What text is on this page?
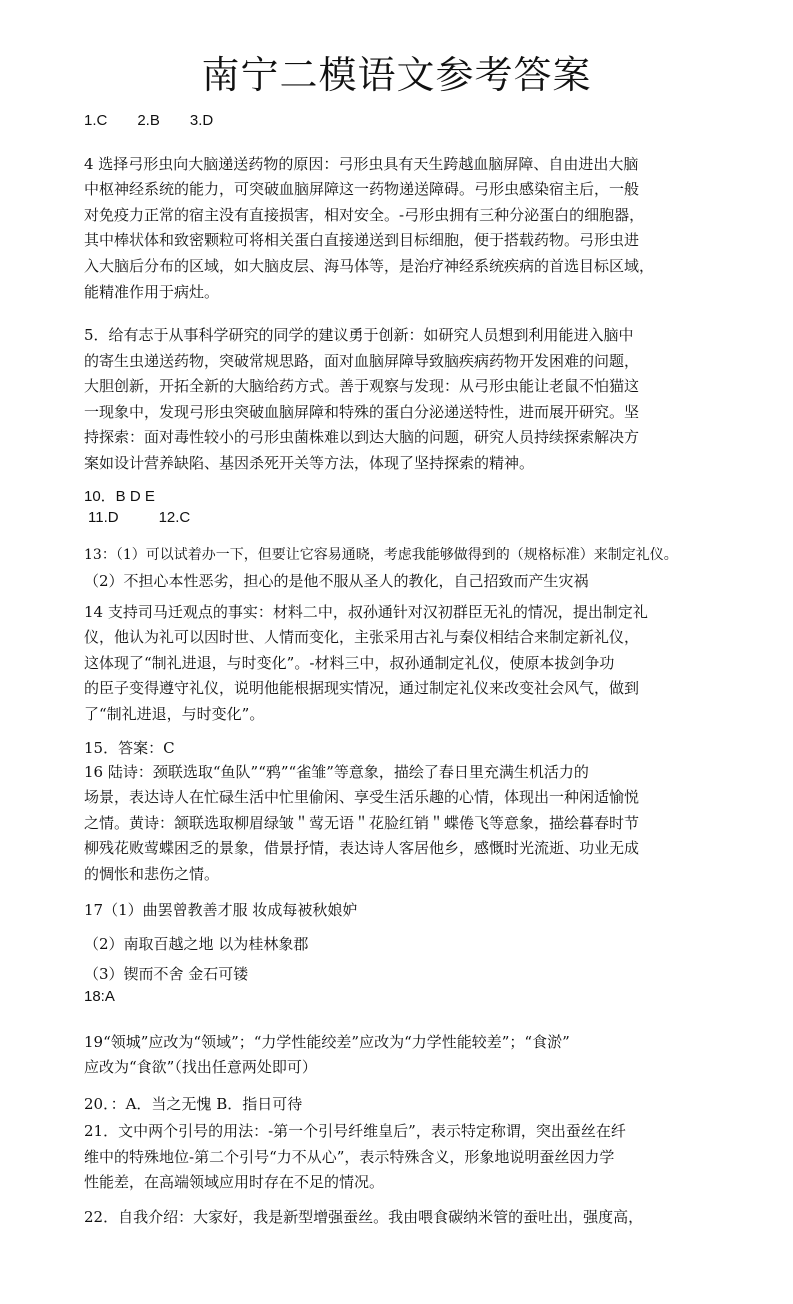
南宁二模语文参考答案
1.C 2.B 3.D
4 选择弓形虫向大脑递送药物的原因：弓形虫具有天生跨越血脑屏障、自由进出大脑
中枢神经系统的能力，可突破血脑屏障这一药物递送障碍。弓形虫感染宿主后，一般
对免疫力正常的宿主没有直接损害，相对安全。-弓形虫拥有三种分泌蛋白的细胞器，
其中棒状体和致密颗粒可将相关蛋白直接递送到目标细胞，便于搭载药物。弓形虫进
入大脑后分布的区域，如大脑皮层、海马体等，是治疗神经系统疾病的首选目标区域，
能精准作用于病灶。
5．给有志于从事科学研究的同学的建议勇于创新：如研究人员想到利用能进入脑中
的寄生虫递送药物，突破常规思路，面对血脑屏障导致脑疾病药物开发困难的问题，
大胆创新，开拓全新的大脑给药方式。善于观察与发现：从弓形虫能让老鼠不怕猫这
一现象中，发现弓形虫突破血脑屏障和特殊的蛋白分泌递送特性，进而展开研究。坚
持探索：面对毒性较小的弓形虫菌株难以到达大脑的问题，研究人员持续探索解决方
案如设计营养缺陷、基因杀死开关等方法，体现了坚持探索的精神。
10．B D E
11.D	12.C
13：（1）可以试着办一下，但要让它容易通晓，考虑我能够做得到的（规格标准）来制定礼仪。
（2）不担心本性恶劣，担心的是他不服从圣人的教化，自己招致而产生灾祸
14 支持司马迁观点的事实：材料二中，叔孙通针对汉初群臣无礼的情况，提出制定礼
仪，他认为礼可以因时世、人情而变化，主张采用古礼与秦仪相结合来制定新礼仪，
这体现了“制礼进退，与时变化”。-材料三中，叔孙通制定礼仪，使原本拔剑争功
的臣子变得遵守礼仪，说明他能根据现实情况，通过制定礼仪来改变社会风气，做到
了“制礼进退，与时变化”。
15．答案：C
16 陆诗：颈联选取“鱼队”“鸦”“雀雏”等意象，描绘了春日里充满生机活力的
场景，表达诗人在忙碌生活中忙里偷闲、享受生活乐趣的心情，体现出一种闲适愉悦
之情。黄诗：颔联选取柳眉绿皱＂莺无语＂花脸红销＂蝶倦飞等意象，描绘暮春时节
柳残花败莺蝶困乏的景象，借景抒情，表达诗人客居他乡，感慨时光流逝、功业无成
的惆怅和悲伤之情。
17（1）曲罢曾教善才服 妆成每被秋娘妒
（2）南取百越之地 以为桂林象郡
（3）锲而不舍 金石可镂
18:A
19“领城”应改为“领域”；“力学性能绞差”应改为“力学性能较差”；“食淤”
应改为“食欲”（找出任意两处即可）
20．：A．当之无愧 B．指日可待
21．文中两个引号的用法：-第一个引号纤维皇后”，表示特定称谓，突出蚕丝在纤
维中的特殊地位-第二个引号“力不从心”，表示特殊含义，形象地说明蚕丝因力学
性能差，在高端领域应用时存在不足的情况。
22．自我介绍：大家好，我是新型增强蚕丝。我由喂食碳纳米管的蚕吐出，强度高，
